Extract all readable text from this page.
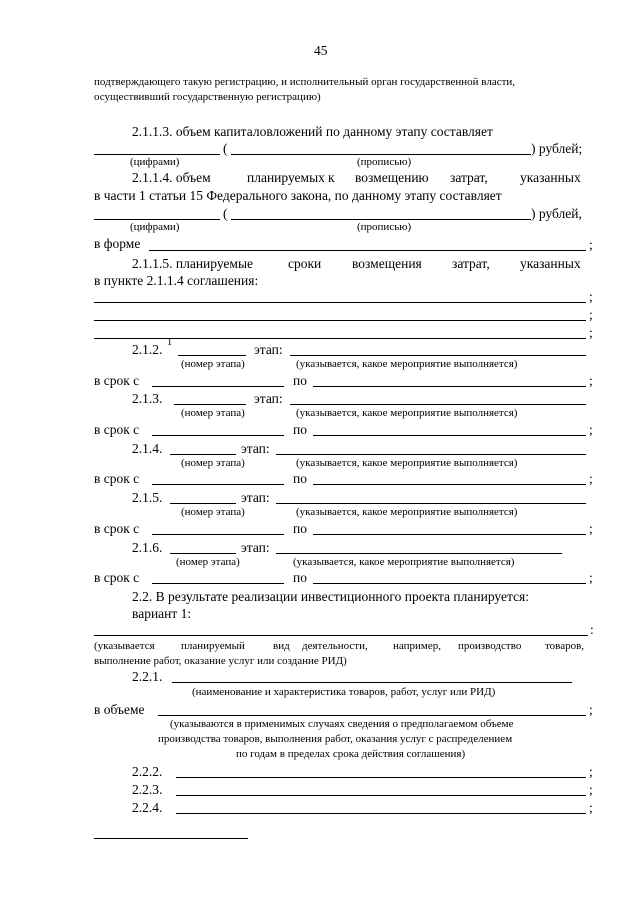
45
подтверждающего такую регистрацию, и исполнительный орган государственной власти,
осуществивший государственную регистрацию)
2.1.1.3. объем капиталовложений по данному этапу составляет
(	) рублей;
(цифрами)	(прописью)
2.1.1.4. объем	планируемых к возмещению затрат, указанных
в части 1 статьи 15 Федерального закона, по данному этапу составляет
(	) рублей,
(цифрами)	(прописью)
в форме	;
2.1.1.5. планируемые	сроки возмещения затрат, указанных
в пункте 2.1.1.4 соглашения:
;
;
;
2.1.2. 1	этап:
(номер этапа)	(указывается, какое мероприятие выполняется)
в срок с	по	;
2.1.3.	этап:
(номер этапа)	(указывается, какое мероприятие выполняется)
в срок с	по	;
2.1.4.	этап:
(номер этапа)	(указывается, какое мероприятие выполняется)
в срок с	по	;
2.1.5.	этап:
(номер этапа)	(указывается, какое мероприятие выполняется)
в срок с	по	;
2.1.6.	этап:
(номер этапа)	(указывается, какое мероприятие выполняется)
в срок с	по	;
2.2. В результате реализации инвестиционного проекта планируется:
вариант 1:
:
(указывается планируемый	вид деятельности, например, производство товаров,
выполнение работ, оказание услуг или создание РИД)
2.2.1.
(наименование и характеристика товаров, работ, услуг или РИД)
в объеме	;
(указываются в применимых случаях сведения о предполагаемом объеме
производства товаров, выполнения работ, оказания услуг с распределением
по годам в пределах срока действия соглашения)
2.2.2.	;
2.2.3.	;
2.2.4.	;
